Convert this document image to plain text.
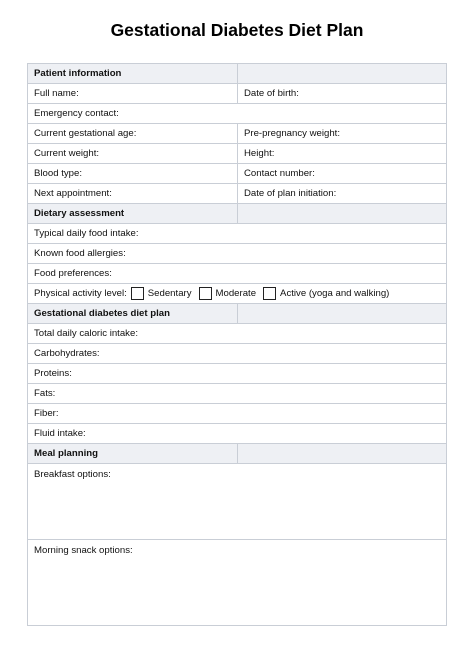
Gestational Diabetes Diet Plan
Patient information	
Full name:	Date of birth:
Emergency contact:	
Current gestational age:	Pre-pregnancy weight:
Current weight:	Height:
Blood type:	Contact number:
Next appointment:	Date of plan initiation:
Dietary assessment	
Typical daily food intake:	
Known food allergies:	
Food preferences:	

Physical activity level: Sedentary Moderate Active (yoga and walking)	

Gestational diabetes diet plan	
Total daily caloric intake:	
Carbohydrates:	
Proteins:	
Fats:	
Fiber:	
Fluid intake:	
Meal planning	
Breakfast options:	
Morning snack options:	
